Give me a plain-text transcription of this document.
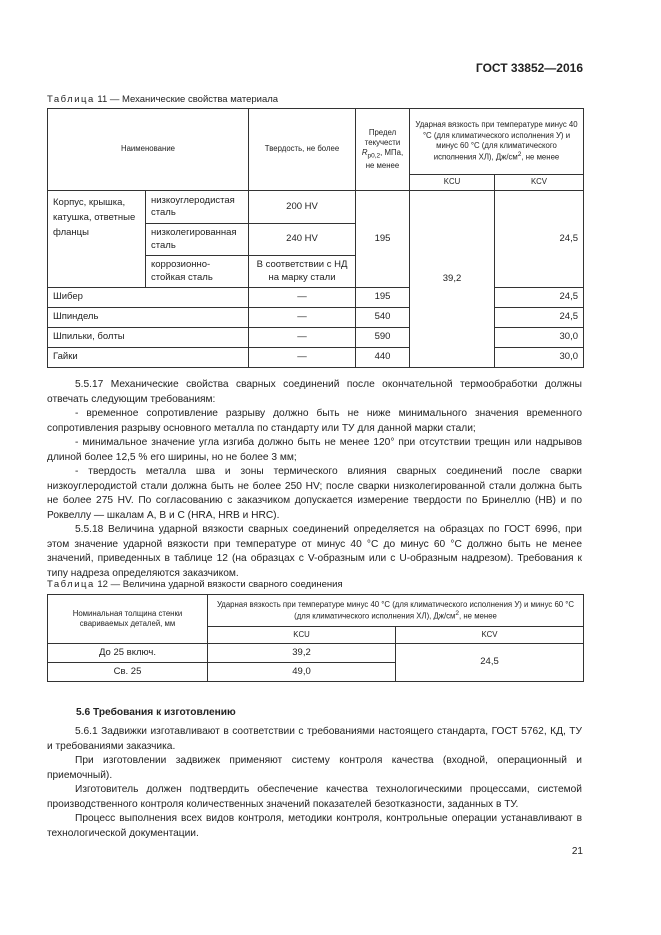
ГОСТ 33852—2016
Таблица 11 — Механические свойства материала
Наименование		Твердость, не более	Предел текучести $R_{p0,2}$, МПа, не менее	Ударная вязкость при температуре минус 40 °С (для климатического исполнения У) и минус 60 °С (для климатического исполнения ХЛ), $Дж/см^2$, не менее	
				KCU	KCV
Корпус, крышка, катушка, ответные фланцы	низкоуглеродистая сталь	200 HV	195	39,2	24,5
	низколегированная сталь	240 HV			
	коррозионно-стойкая сталь	В соответствии с НД на марку стали			
Шибер		—	195		24,5
Шпиндель		—	540		24,5
Шпильки, болты		—	590		30,0
Гайки		—	440		30,0

5.5.17 Механические свойства сварных соединений после окончательной термообработки должны отвечать следующим требованиям:

- временное сопротивление разрыву должно быть не ниже минимального значения временного сопротивления разрыву основного металла по стандарту или ТУ для данной марки стали;

- минимальное значение угла изгиба должно быть не менее 120° при отсутствии трещин или надрывов длиной более 12,5 % его ширины, но не более 3 мм;

- твердость металла шва и зоны термического влияния сварных соединений после сварки низкоуглеродистой стали должна быть не более 250 HV; после сварки низколегированной стали должна быть не более 275 HV. По согласованию с заказчиком допускается измерение твердости по Бринеллю (НВ) и по Роквеллу — шкалам А, В и С (HRA, HRB и HRC).

5.5.18 Величина ударной вязкости сварных соединений определяется на образцах по ГОСТ 6996, при этом значение ударной вязкости при температуре от минус 40 °С до минус 60 °С должно быть не менее значений, приведенных в таблице 12 (на образцах с V-образным или с U-образным надрезом). Требования к типу надреза определяются заказчиком.

Таблица 12 — Величина ударной вязкости сварного соединения
Номинальная толщина стенки свариваемых деталей, мм	Ударная вязкость при температуре минус 40 °С (для климатического исполнения У) и минус 60 °С (для климатического исполнения ХЛ), $Дж/см^2$, не менее	
	KCU	KCV
До 25 включ.	39,2	24,5
Св. 25	49,0	
5.6 Требования к изготовлению

5.6.1 Задвижки изготавливают в соответствии с требованиями настоящего стандарта, ГОСТ 5762, КД, ТУ и требованиями заказчика.

При изготовлении задвижек применяют систему контроля качества (входной, операционный и приемочный).

Изготовитель должен подтвердить обеспечение качества технологическими процессами, системой производственного контроля количественных значений показателей безотказности, заданных в ТУ.

Процесс выполнения всех видов контроля, методики контроля, контрольные операции устанавливают в технологической документации.

21
